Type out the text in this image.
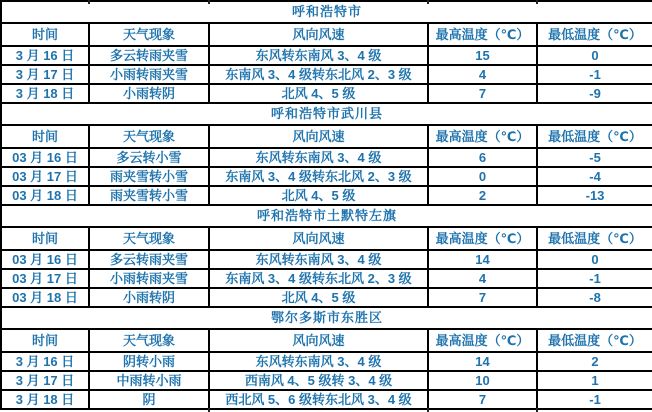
呼和浩特市				
时间	天气现象	风向风速	最高温度（℃）	最低温度（℃）
3 月 16 日	多云转雨夹雪	东风转东南风 3、4 级	15	0
3 月 17 日	小雨转雨夹雪	东南风 3、4 级转东北风 2、3 级	4	-1
3 月 18 日	小雨转阴	北风 4、5 级	7	-9
呼和浩特市武川县				
时间	天气现象	风向风速	最高温度（℃）	最低温度（℃）
03 月 16 日	多云转小雪	东风转东南风 3、4 级	6	-5
03 月 17 日	雨夹雪转小雪	东南风 3、4 级转东北风 2、3 级	0	-4
03 月 18 日	雨夹雪转小雪	北风 4、5 级	2	-13
呼和浩特市土默特左旗				
时间	天气现象	风向风速	最高温度（℃）	最低温度（℃）
03 月 16 日	多云转雨夹雪	东风转东南风 3、4 级	14	0
03 月 17 日	小雨转雨夹雪	东南风 3、4 级转东北风 2、3 级	4	-1
03 月 18 日	小雨转阴	北风 4、5 级	7	-8
鄂尔多斯市东胜区				
时间	天气现象	风向风速	最高温度（℃）	最低温度（℃）
3 月 16 日	阴转小雨	东风转东南风 3、4 级	14	2
3 月 17 日	中雨转小雨	西南风 4、5 级转 3、4 级	10	1
3 月 18 日	阴	西北风 5、6 级转东北风 3、4 级	7	-1
